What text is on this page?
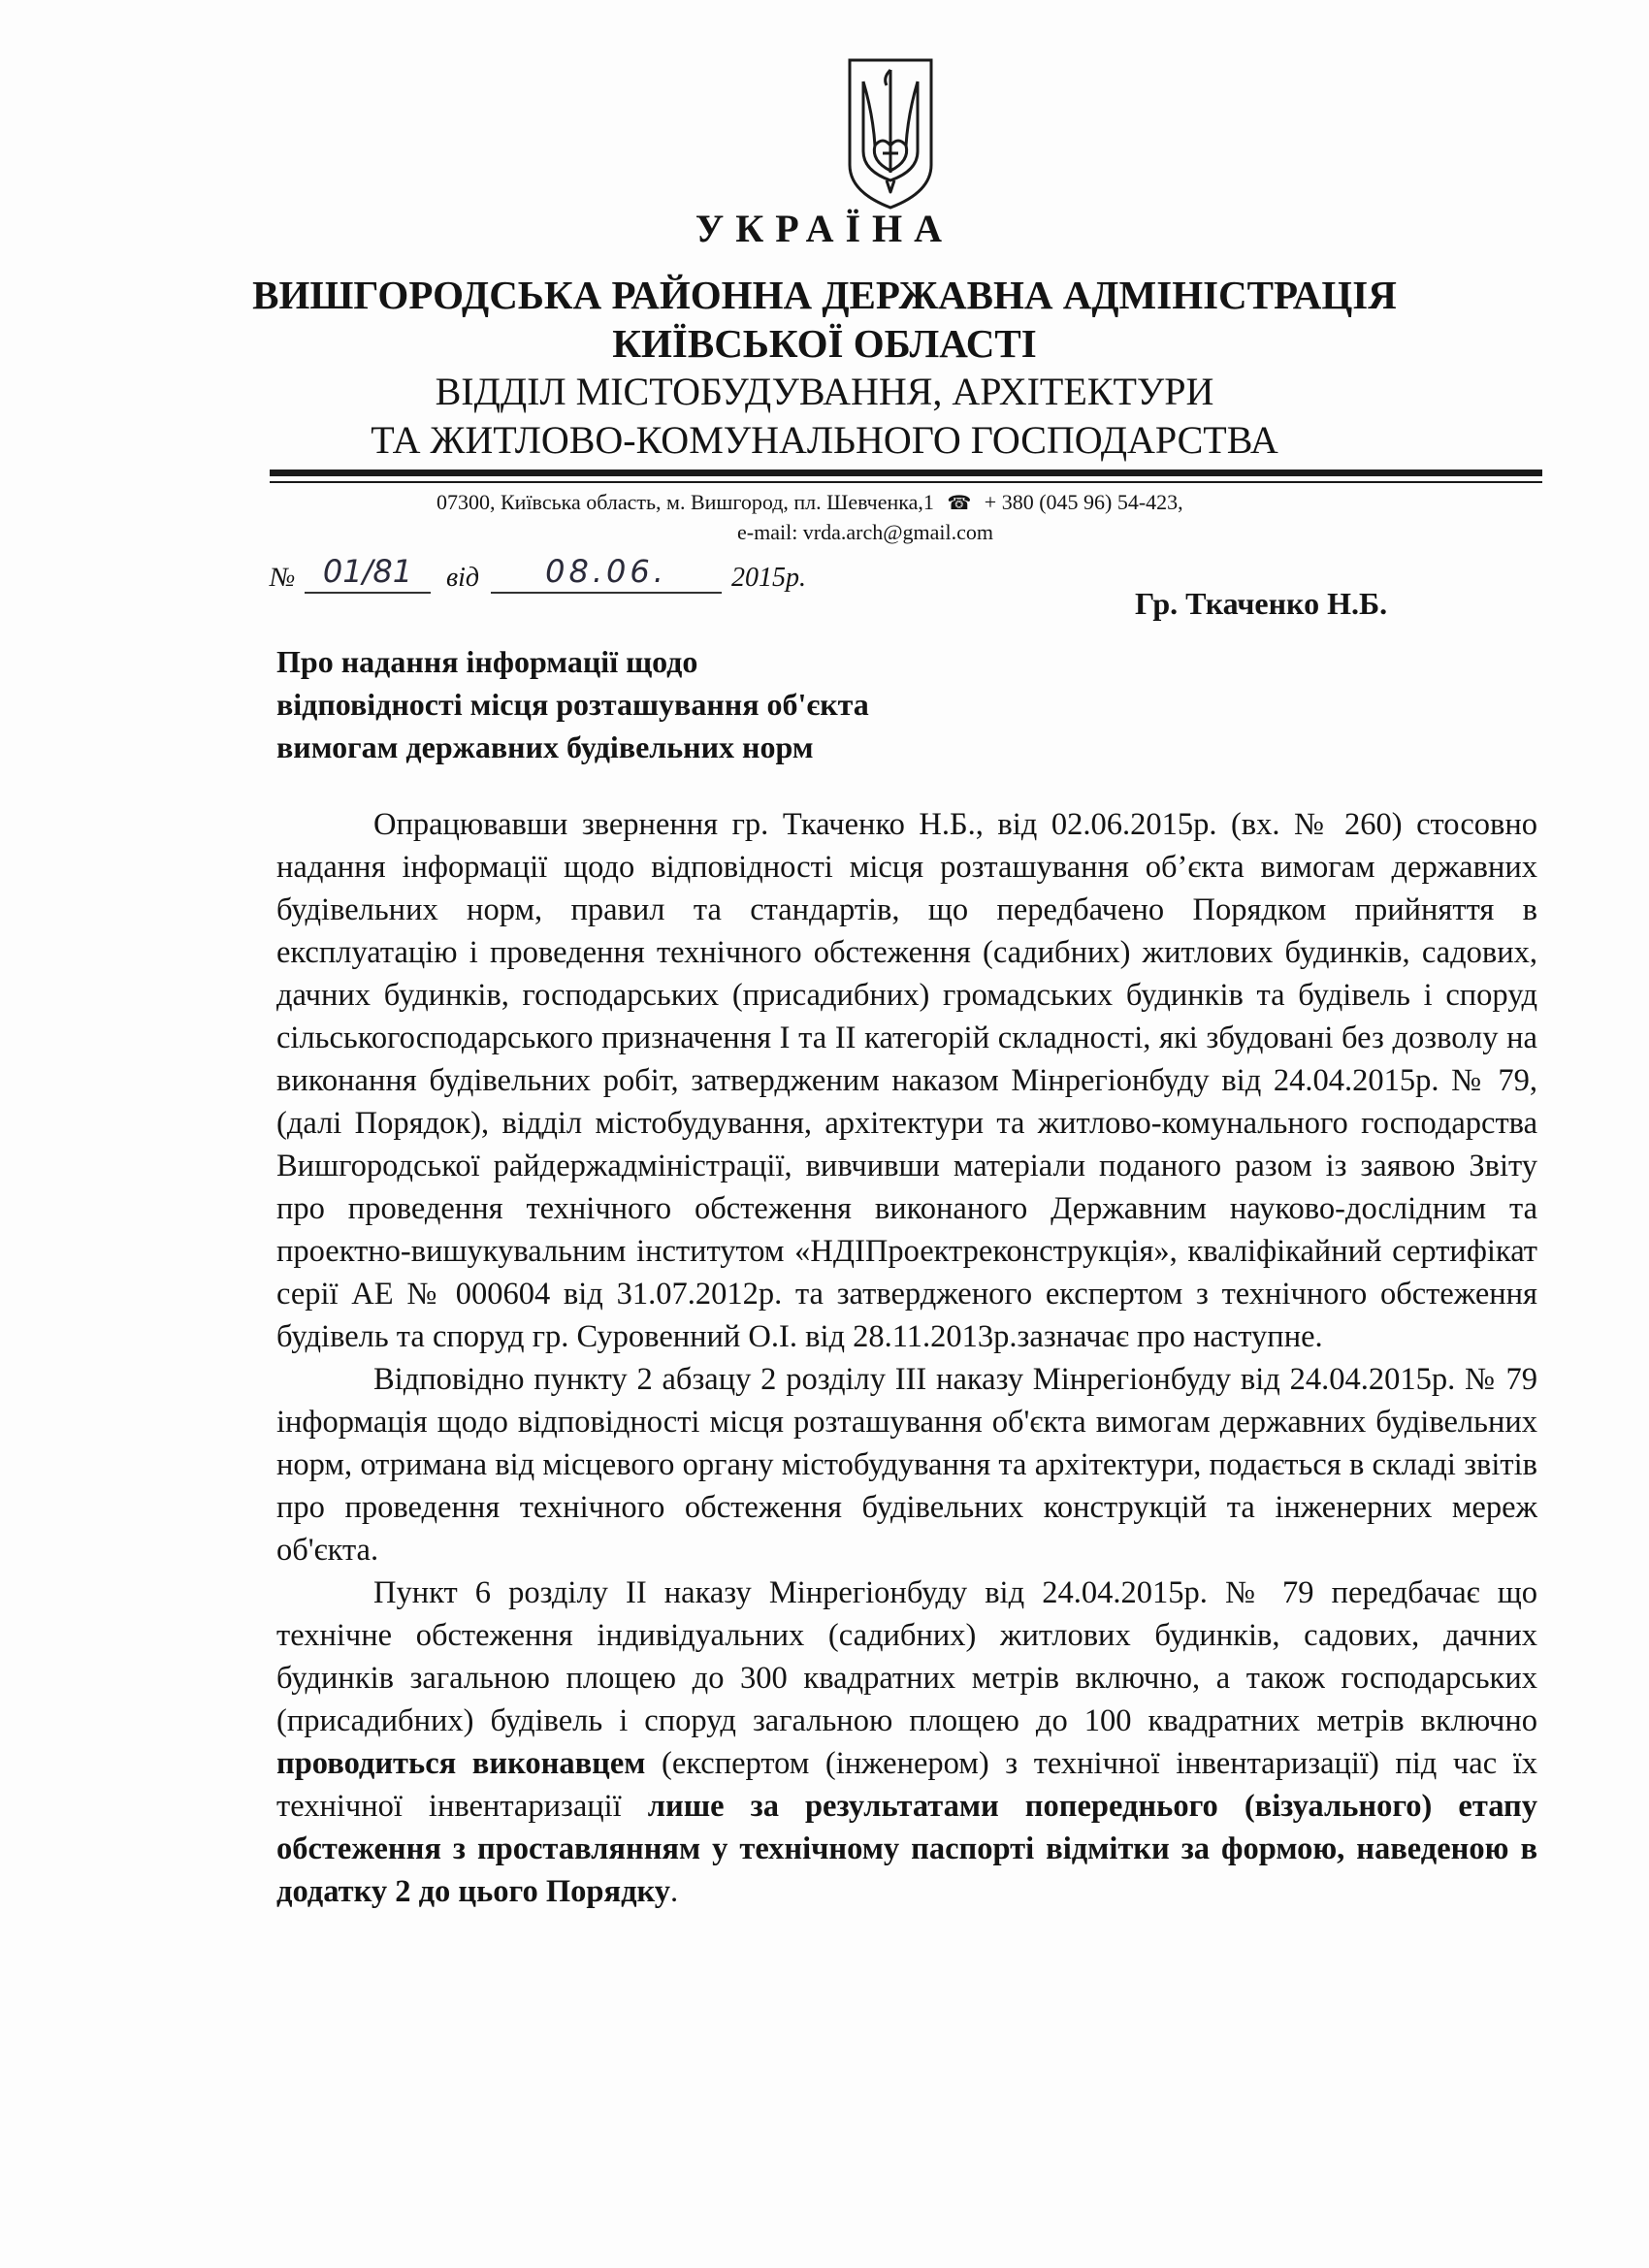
УКРАЇНА
ВИШГОРОДСЬКА РАЙОННА ДЕРЖАВНА АДМІНІСТРАЦІЯ
КИЇВСЬКОЇ ОБЛАСТІ
ВІДДІЛ МІСТОБУДУВАННЯ, АРХІТЕКТУРИ
ТА ЖИТЛОВО-КОМУНАЛЬНОГО ГОСПОДАРСТВА
07300, Київська область, м. Вишгород, пл. Шевченка,1 ☎ + 380 (045 96) 54-423,
e-mail: vrda.arch@gmail.com
№ 01/81	від	08.06.	2015р.
Гр. Ткаченко Н.Б.
Про надання інформації щодо
відповідності місця розташування об'єкта
вимогам державних будівельних норм

Опрацювавши звернення гр. Ткаченко Н.Б., від 02.06.2015р. (вх. № 260) стосовно надання інформації щодо відповідності місця розташування об’єкта вимогам державних будівельних норм, правил та стандартів, що передбачено Порядком прийняття в експлуатацію і проведення технічного обстеження (садибних) житлових будинків, садових, дачних будинків, господарських (присадибних) громадських будинків та будівель і споруд сільськогосподарського призначення І та ІІ категорій складності, які збудовані без дозволу на виконання будівельних робіт, затвердженим наказом Мінрегіонбуду від 24.04.2015р. № 79, (далі Порядок), відділ містобудування, архітектури та житлово-комунального господарства Вишгородської райдержадміністрації, вивчивши матеріали поданого разом із заявою Звіту про проведення технічного обстеження виконаного Державним науково-дослідним та проектно-вишукувальним інститутом «НДІПроектреконструкція», кваліфікайний сертифікат серії АЕ № 000604 від 31.07.2012р. та затвердженого експертом з технічного обстеження будівель та споруд гр. Суровенний О.І. від 28.11.2013р.зазначає про наступне.

Відповідно пункту 2 абзацу 2 розділу ІІІ наказу Мінрегіонбуду від 24.04.2015р. № 79 інформація щодо відповідності місця розташування об'єкта вимогам державних будівельних норм, отримана від місцевого органу містобудування та архітектури, подається в складі звітів про проведення технічного обстеження будівельних конструкцій та інженерних мереж об'єкта.

Пункт 6 розділу ІІ наказу Мінрегіонбуду від 24.04.2015р. № 79 передбачає що технічне обстеження індивідуальних (садибних) житлових будинків, садових, дачних будинків загальною площею до 300 квадратних метрів включно, а також господарських (присадибних) будівель і споруд загальною площею до 100 квадратних метрів включно проводиться виконавцем (експертом (інженером) з технічної інвентаризації) під час їх технічної інвентаризації лише за результатами попереднього (візуального) етапу обстеження з проставлянням у технічному паспорті відмітки за формою, наведеною в додатку 2 до цього Порядку.
